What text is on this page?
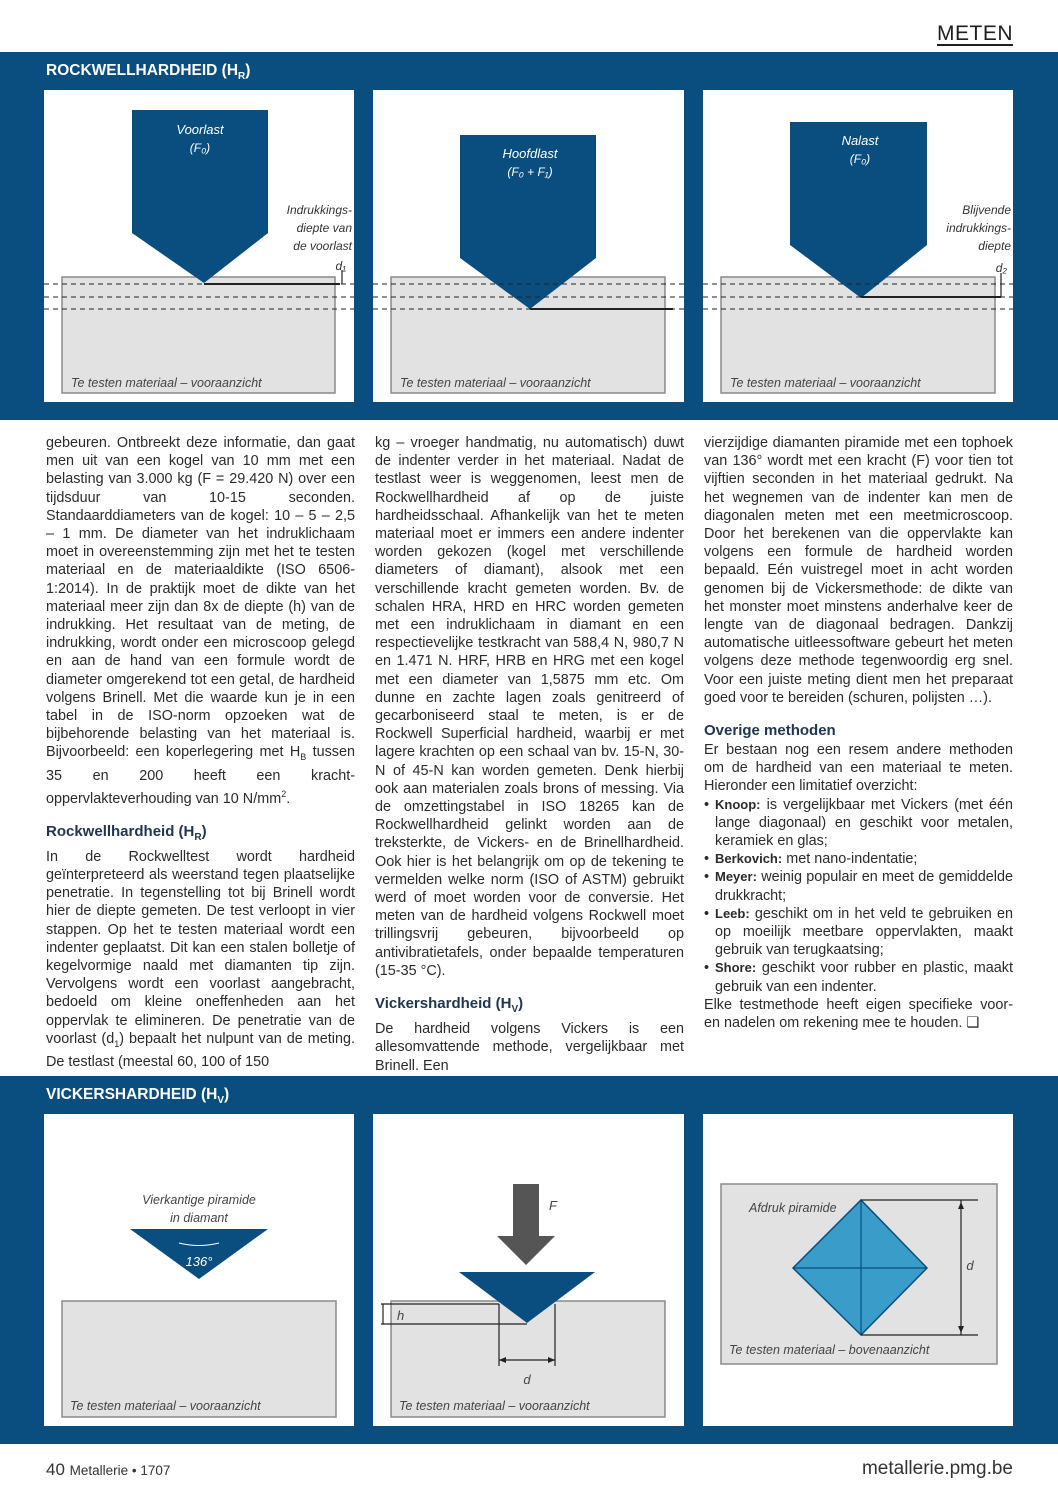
METEN
ROCKWELLHARDHEID $(H_R)$
Voorlast
(F₀)
Indrukkings-
diepte van
de voorlast
d₁
Te testen materiaal – vooraanzicht
Hoofdlast
(F₀ + F₁)
Te testen materiaal – vooraanzicht
Nalast
(F₀)
Blijvende
indrukkings-
diepte
d₂
Te testen materiaal – vooraanzicht

gebeuren. Ontbreekt deze informatie, dan gaat men uit van een kogel van 10 mm met een belasting van 3.000 kg (F = 29.420 N) over een tijdsduur van 10-15 seconden. Standaarddiameters van de kogel: 10 – 5 – 2,5 – 1 mm. De diameter van het indruklichaam moet in overeenstemming zijn met het te testen materiaal en de materiaaldikte (ISO 6506-1:2014). In de praktijk moet de dikte van het materiaal meer zijn dan 8x de diepte (h) van de indrukking. Het resultaat van de meting, de indrukking, wordt onder een microscoop gelegd en aan de hand van een formule wordt de diameter omgerekend tot een getal, de hardheid volgens Brinell. Met die waarde kun je in een tabel in de ISO-norm opzoeken wat de bijbehorende belasting van het materiaal is. Bijvoorbeeld: een koperlegering met $H_B$ tussen 35 en 200 heeft een kracht-oppervlakteverhouding van 10 $N/mm^2$.

Rockwellhardheid $(H_R)$

In de Rockwelltest wordt hardheid geïnterpreteerd als weerstand tegen plaatselijke penetratie. In tegenstelling tot bij Brinell wordt hier de diepte gemeten. De test verloopt in vier stappen. Op het te testen materiaal wordt een indenter geplaatst. Dit kan een stalen bolletje of kegelvormige naald met diamanten tip zijn. Vervolgens wordt een voorlast aangebracht, bedoeld om kleine oneffenheden aan het oppervlak te elimineren. De penetratie van de voorlast $(d_1)$ bepaalt het nulpunt van de meting. De testlast (meestal 60, 100 of 150

kg – vroeger handmatig, nu automatisch) duwt de indenter verder in het materiaal. Nadat de testlast weer is weggenomen, leest men de Rockwellhardheid af op de juiste hardheidsschaal. Afhankelijk van het te meten materiaal moet er immers een andere indenter worden gekozen (kogel met verschillende diameters of diamant), alsook met een verschillende kracht gemeten worden. Bv. de schalen HRA, HRD en HRC worden gemeten met een indruklichaam in diamant en een respectievelijke testkracht van 588,4 N, 980,7 N en 1.471 N. HRF, HRB en HRG met een kogel met een diameter van 1,5875 mm etc. Om dunne en zachte lagen zoals genitreerd of gecarboniseerd staal te meten, is er de Rockwell Superficial hardheid, waarbij er met lagere krachten op een schaal van bv. 15-N, 30-N of 45-N kan worden gemeten. Denk hierbij ook aan materialen zoals brons of messing. Via de omzettingstabel in ISO 18265 kan de Rockwellhardheid gelinkt worden aan de treksterkte, de Vickers- en de Brinellhardheid. Ook hier is het belangrijk om op de tekening te vermelden welke norm (ISO of ASTM) gebruikt werd of moet worden voor de conversie. Het meten van de hardheid volgens Rockwell moet trillingsvrij gebeuren, bijvoorbeeld op antivibratietafels, onder bepaalde temperaturen (15-35 °C).

Vickershardheid $(H_V)$

De hardheid volgens Vickers is een allesomvattende methode, vergelijkbaar met Brinell. Een

vierzijdige diamanten piramide met een tophoek van 136° wordt met een kracht (F) voor tien tot vijftien seconden in het materiaal gedrukt. Na het wegnemen van de indenter kan men de diagonalen meten met een meetmicroscoop. Door het berekenen van die oppervlakte kan volgens een formule de hardheid worden bepaald. Eén vuistregel moet in acht worden genomen bij de Vickersmethode: de dikte van het monster moet minstens anderhalve keer de lengte van de diagonaal bedragen. Dankzij automatische uitleessoftware gebeurt het meten volgens deze methode tegenwoordig erg snel. Voor een juiste meting dient men het preparaat goed voor te bereiden (schuren, polijsten …).

Overige methoden

Er bestaan nog een resem andere methoden om de hardheid van een materiaal te meten. Hieronder een limitatief overzicht:

• Knoop: is vergelijkbaar met Vickers (met één lange diagonaal) en geschikt voor metalen, keramiek en glas;
• Berkovich: met nano-indentatie;
• Meyer: weinig populair en meet de gemiddelde drukkracht;
• Leeb: geschikt om in het veld te gebruiken en op moeilijk meetbare oppervlakten, maakt gebruik van terugkaatsing;
• Shore: geschikt voor rubber en plastic, maakt gebruik van een indenter.

Elke testmethode heeft eigen specifieke voor- en nadelen om rekening mee te houden. ❑

VICKERSHARDHEID $(H_V)$
Vierkantige piramide
in diamant
136°
Te testen materiaal – vooraanzicht
F
h
d
Te testen materiaal – vooraanzicht
d
Afdruk piramide
Te testen materiaal – bovenaanzicht
40 Metallerie • 1707	metallerie.pmg.be
